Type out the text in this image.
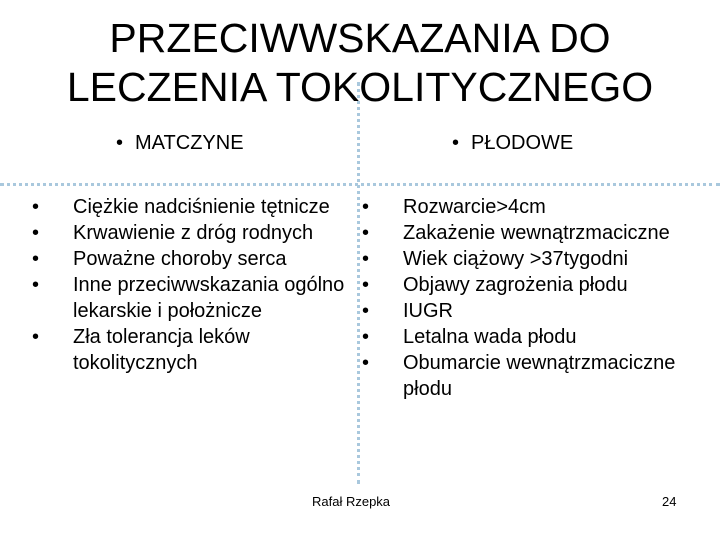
PRZECIWWSKAZANIA DO
LECZENIA TOKOLITYCZNEGO
• MATCZYNE	• PŁODOWE
•	Ciężkie nadciśnienie tętnicze
•	Krwawienie z dróg rodnych
•	Poważne choroby serca
•	Inne przeciwwskazania ogólno lekarskie i położnicze
•	Zła tolerancja leków tokolitycznych
•	Rozwarcie>4cm
•	Zakażenie wewnątrzmaciczne
•	Wiek ciążowy >37tygodni
•	Objawy zagrożenia płodu
•	IUGR
•	Letalna wada płodu
•	Obumarcie wewnątrzmaciczne płodu
Rafał Rzepka	24
